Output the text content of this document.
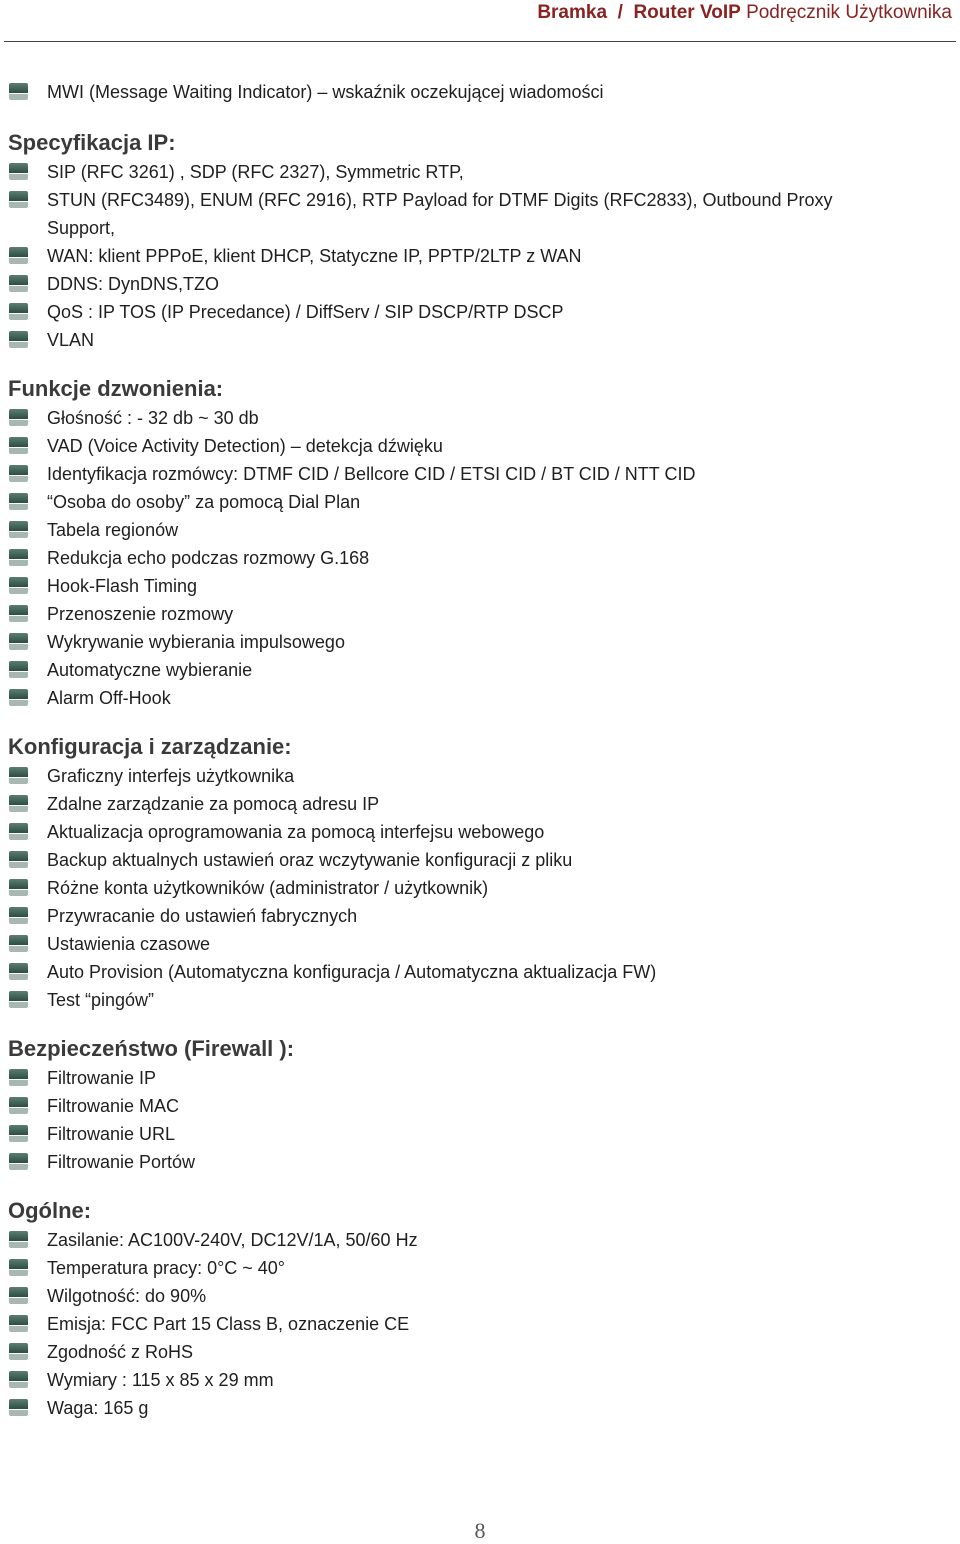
Bramka / Router VoIP Podręcznik Użytkownika
MWI (Message Waiting Indicator) – wskaźnik oczekującej wiadomości
Specyfikacja IP:
SIP (RFC 3261) , SDP (RFC 2327), Symmetric RTP,
STUN (RFC3489), ENUM (RFC 2916), RTP Payload for DTMF Digits (RFC2833), Outbound Proxy Support,
WAN: klient PPPoE, klient DHCP, Statyczne IP, PPTP/2LTP z WAN
DDNS: DynDNS,TZO
QoS : IP TOS (IP Precedance) / DiffServ / SIP DSCP/RTP DSCP
VLAN
Funkcje dzwonienia:
Głośność : - 32 db ~ 30 db
VAD (Voice Activity Detection) – detekcja dźwięku
Identyfikacja rozmówcy: DTMF CID / Bellcore CID / ETSI CID / BT CID / NTT CID
“Osoba do osoby” za pomocą Dial Plan
Tabela regionów
Redukcja echo podczas rozmowy G.168
Hook-Flash Timing
Przenoszenie rozmowy
Wykrywanie wybierania impulsowego
Automatyczne wybieranie
Alarm Off-Hook
Konfiguracja i zarządzanie:
Graficzny interfejs użytkownika
Zdalne zarządzanie za pomocą adresu IP
Aktualizacja oprogramowania za pomocą interfejsu webowego
Backup aktualnych ustawień oraz wczytywanie konfiguracji z pliku
Różne konta użytkowników (administrator / użytkownik)
Przywracanie do ustawień fabrycznych
Ustawienia czasowe
Auto Provision (Automatyczna konfiguracja / Automatyczna aktualizacja FW)
Test “pingów”
Bezpieczeństwo (Firewall ):
Filtrowanie IP
Filtrowanie MAC
Filtrowanie URL
Filtrowanie Portów
Ogólne:
Zasilanie: AC100V-240V, DC12V/1A, 50/60 Hz
Temperatura pracy: 0°C ~ 40°
Wilgotność: do 90%
Emisja: FCC Part 15 Class B, oznaczenie CE
Zgodność z RoHS
Wymiary : 115 x 85 x 29 mm
Waga: 165 g
8
